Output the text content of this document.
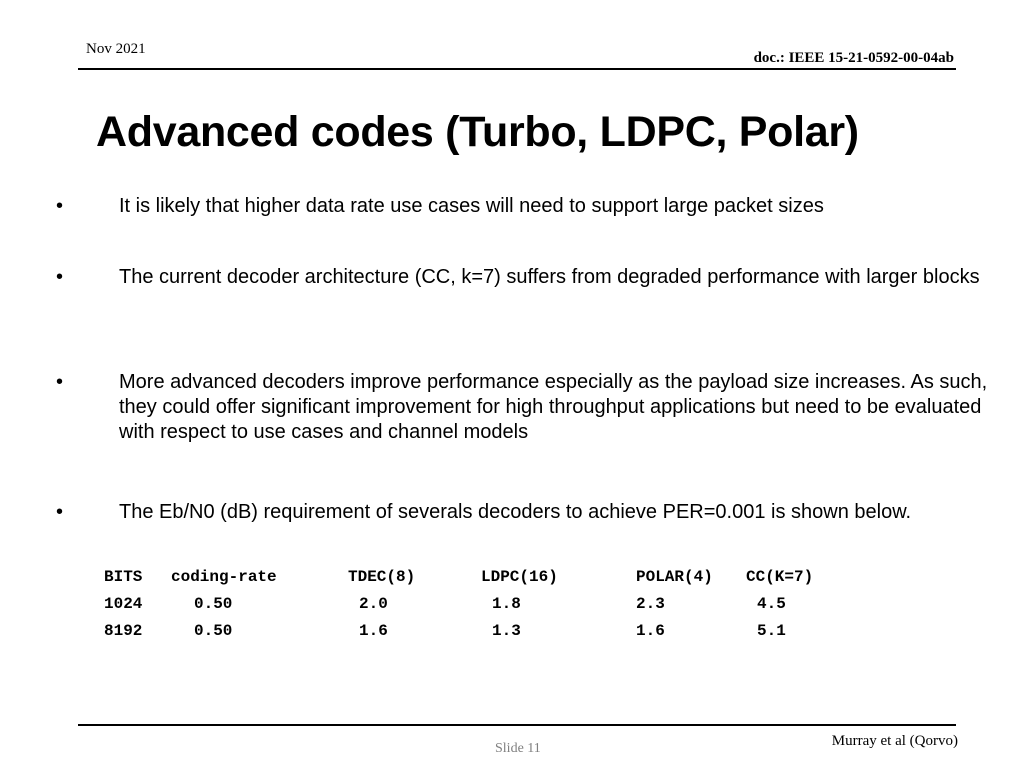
Nov 2021
doc.: IEEE 15-21-0592-00-04ab
Advanced codes (Turbo, LDPC, Polar)
•	It is likely that higher data rate use cases will need to support large packet sizes
•	The current decoder architecture (CC, k=7) suffers from degraded performance with larger blocks
•	More advanced decoders improve performance especially as the payload size increases. As such, they could offer significant improvement for high throughput applications but need to be evaluated with respect to use cases and channel models
•	The Eb/N0 (dB) requirement of severals decoders to achieve PER=0.001 is shown below.
BITS	coding-rate	TDEC(8)	LDPC(16)	POLAR(4)	CC(K=7)
1024	0.50	2.0	1.8	2.3	4.5
8192	0.50	1.6	1.3	1.6	5.1
Slide 11	Murray et al (Qorvo)
